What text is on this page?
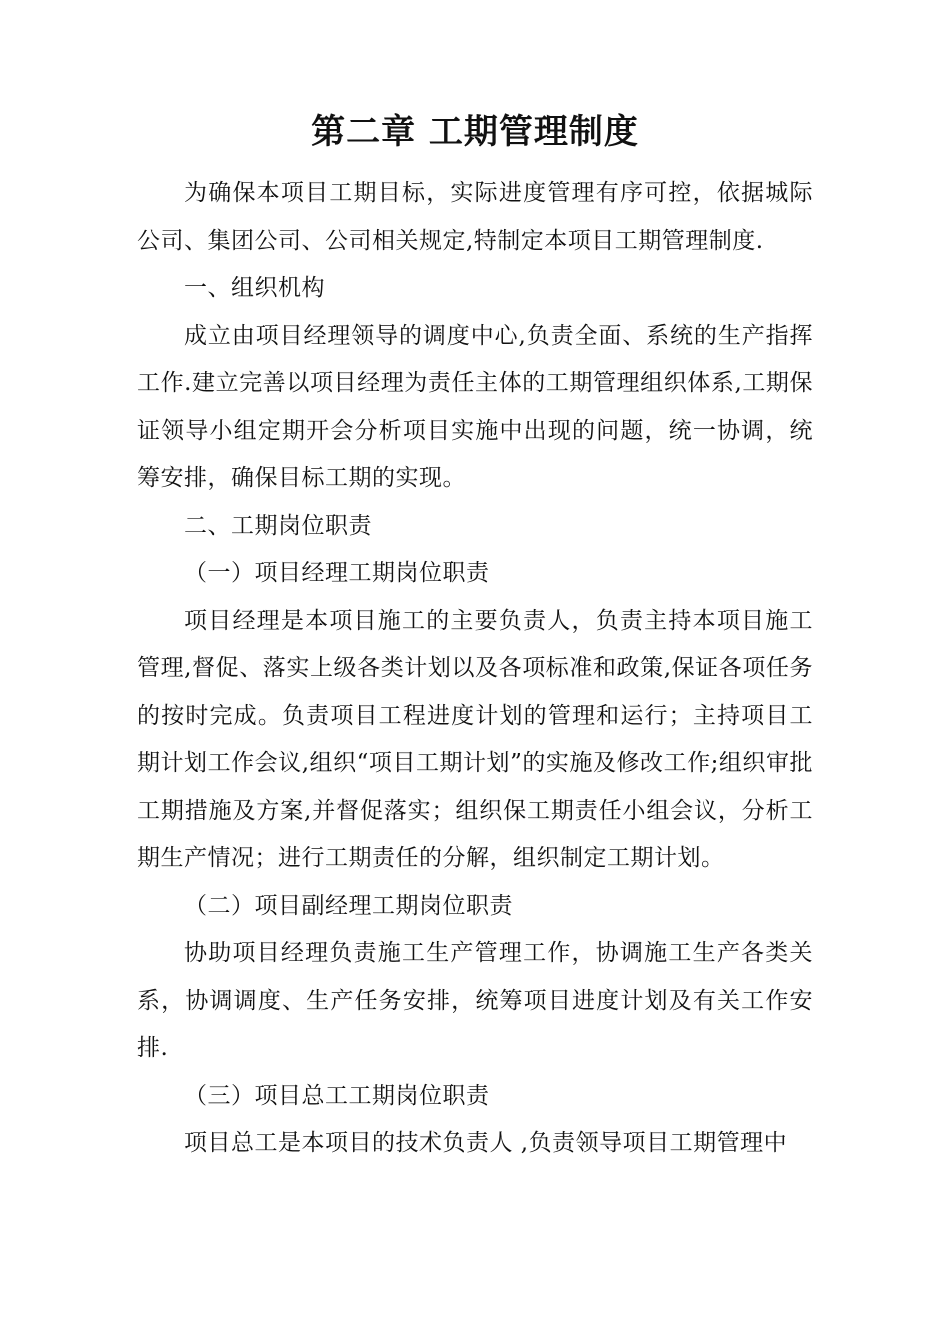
第二章 工期管理制度

为确保本项目工期目标，实际进度管理有序可控，依据城际公司、集团公司、公司相关规定,特制定本项目工期管理制度.

一、组织机构

成立由项目经理领导的调度中心,负责全面、系统的生产指挥工作.建立完善以项目经理为责任主体的工期管理组织体系,工期保证领导小组定期开会分析项目实施中出现的问题，统一协调，统筹安排，确保目标工期的实现。

二、工期岗位职责

（一）项目经理工期岗位职责

项目经理是本项目施工的主要负责人，负责主持本项目施工管理,督促、落实上级各类计划以及各项标准和政策,保证各项任务的按时完成。负责项目工程进度计划的管理和运行；主持项目工期计划工作会议,组织“项目工期计划”的实施及修改工作;组织审批工期措施及方案,并督促落实；组织保工期责任小组会议，分析工期生产情况；进行工期责任的分解，组织制定工期计划。

（二）项目副经理工期岗位职责

协助项目经理负责施工生产管理工作，协调施工生产各类关系，协调调度、生产任务安排，统筹项目进度计划及有关工作安排.

（三）项目总工工期岗位职责

项目总工是本项目的技术负责人 ,负责领导项目工期管理中
